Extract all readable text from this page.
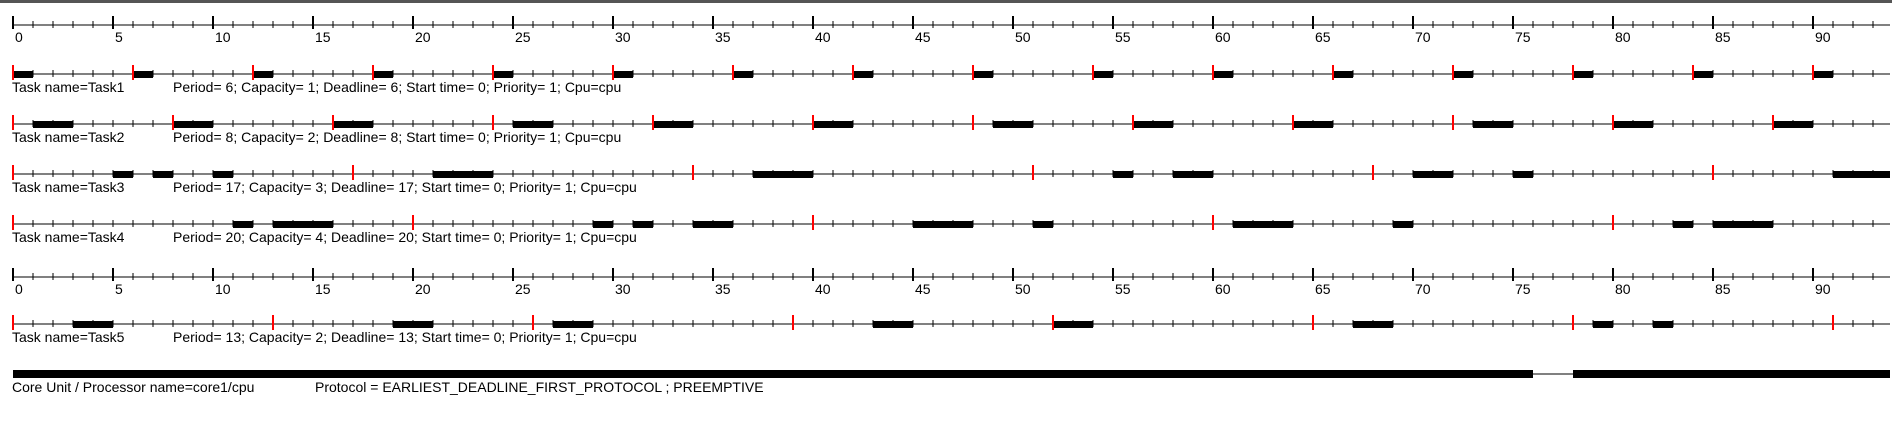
0	5	10	15	20	25	30	35	40	45	50	55	60	65	70	75	80	85	90
0	5	10	15	20	25	30	35	40	45	50	55	60	65	70	75	80	85	90
Task name=Task1	Period= 6; Capacity= 1; Deadline= 6; Start time= 0; Priority= 1; Cpu=cpu
Task name=Task2	Period= 8; Capacity= 2; Deadline= 8; Start time= 0; Priority= 1; Cpu=cpu
Task name=Task3	Period= 17; Capacity= 3; Deadline= 17; Start time= 0; Priority= 1; Cpu=cpu
Task name=Task4	Period= 20; Capacity= 4; Deadline= 20; Start time= 0; Priority= 1; Cpu=cpu
Task name=Task5	Period= 13; Capacity= 2; Deadline= 13; Start time= 0; Priority= 1; Cpu=cpu
Core Unit / Processor name=core1/cpu	Protocol = EARLIEST_DEADLINE_FIRST_PROTOCOL ; PREEMPTIVE
